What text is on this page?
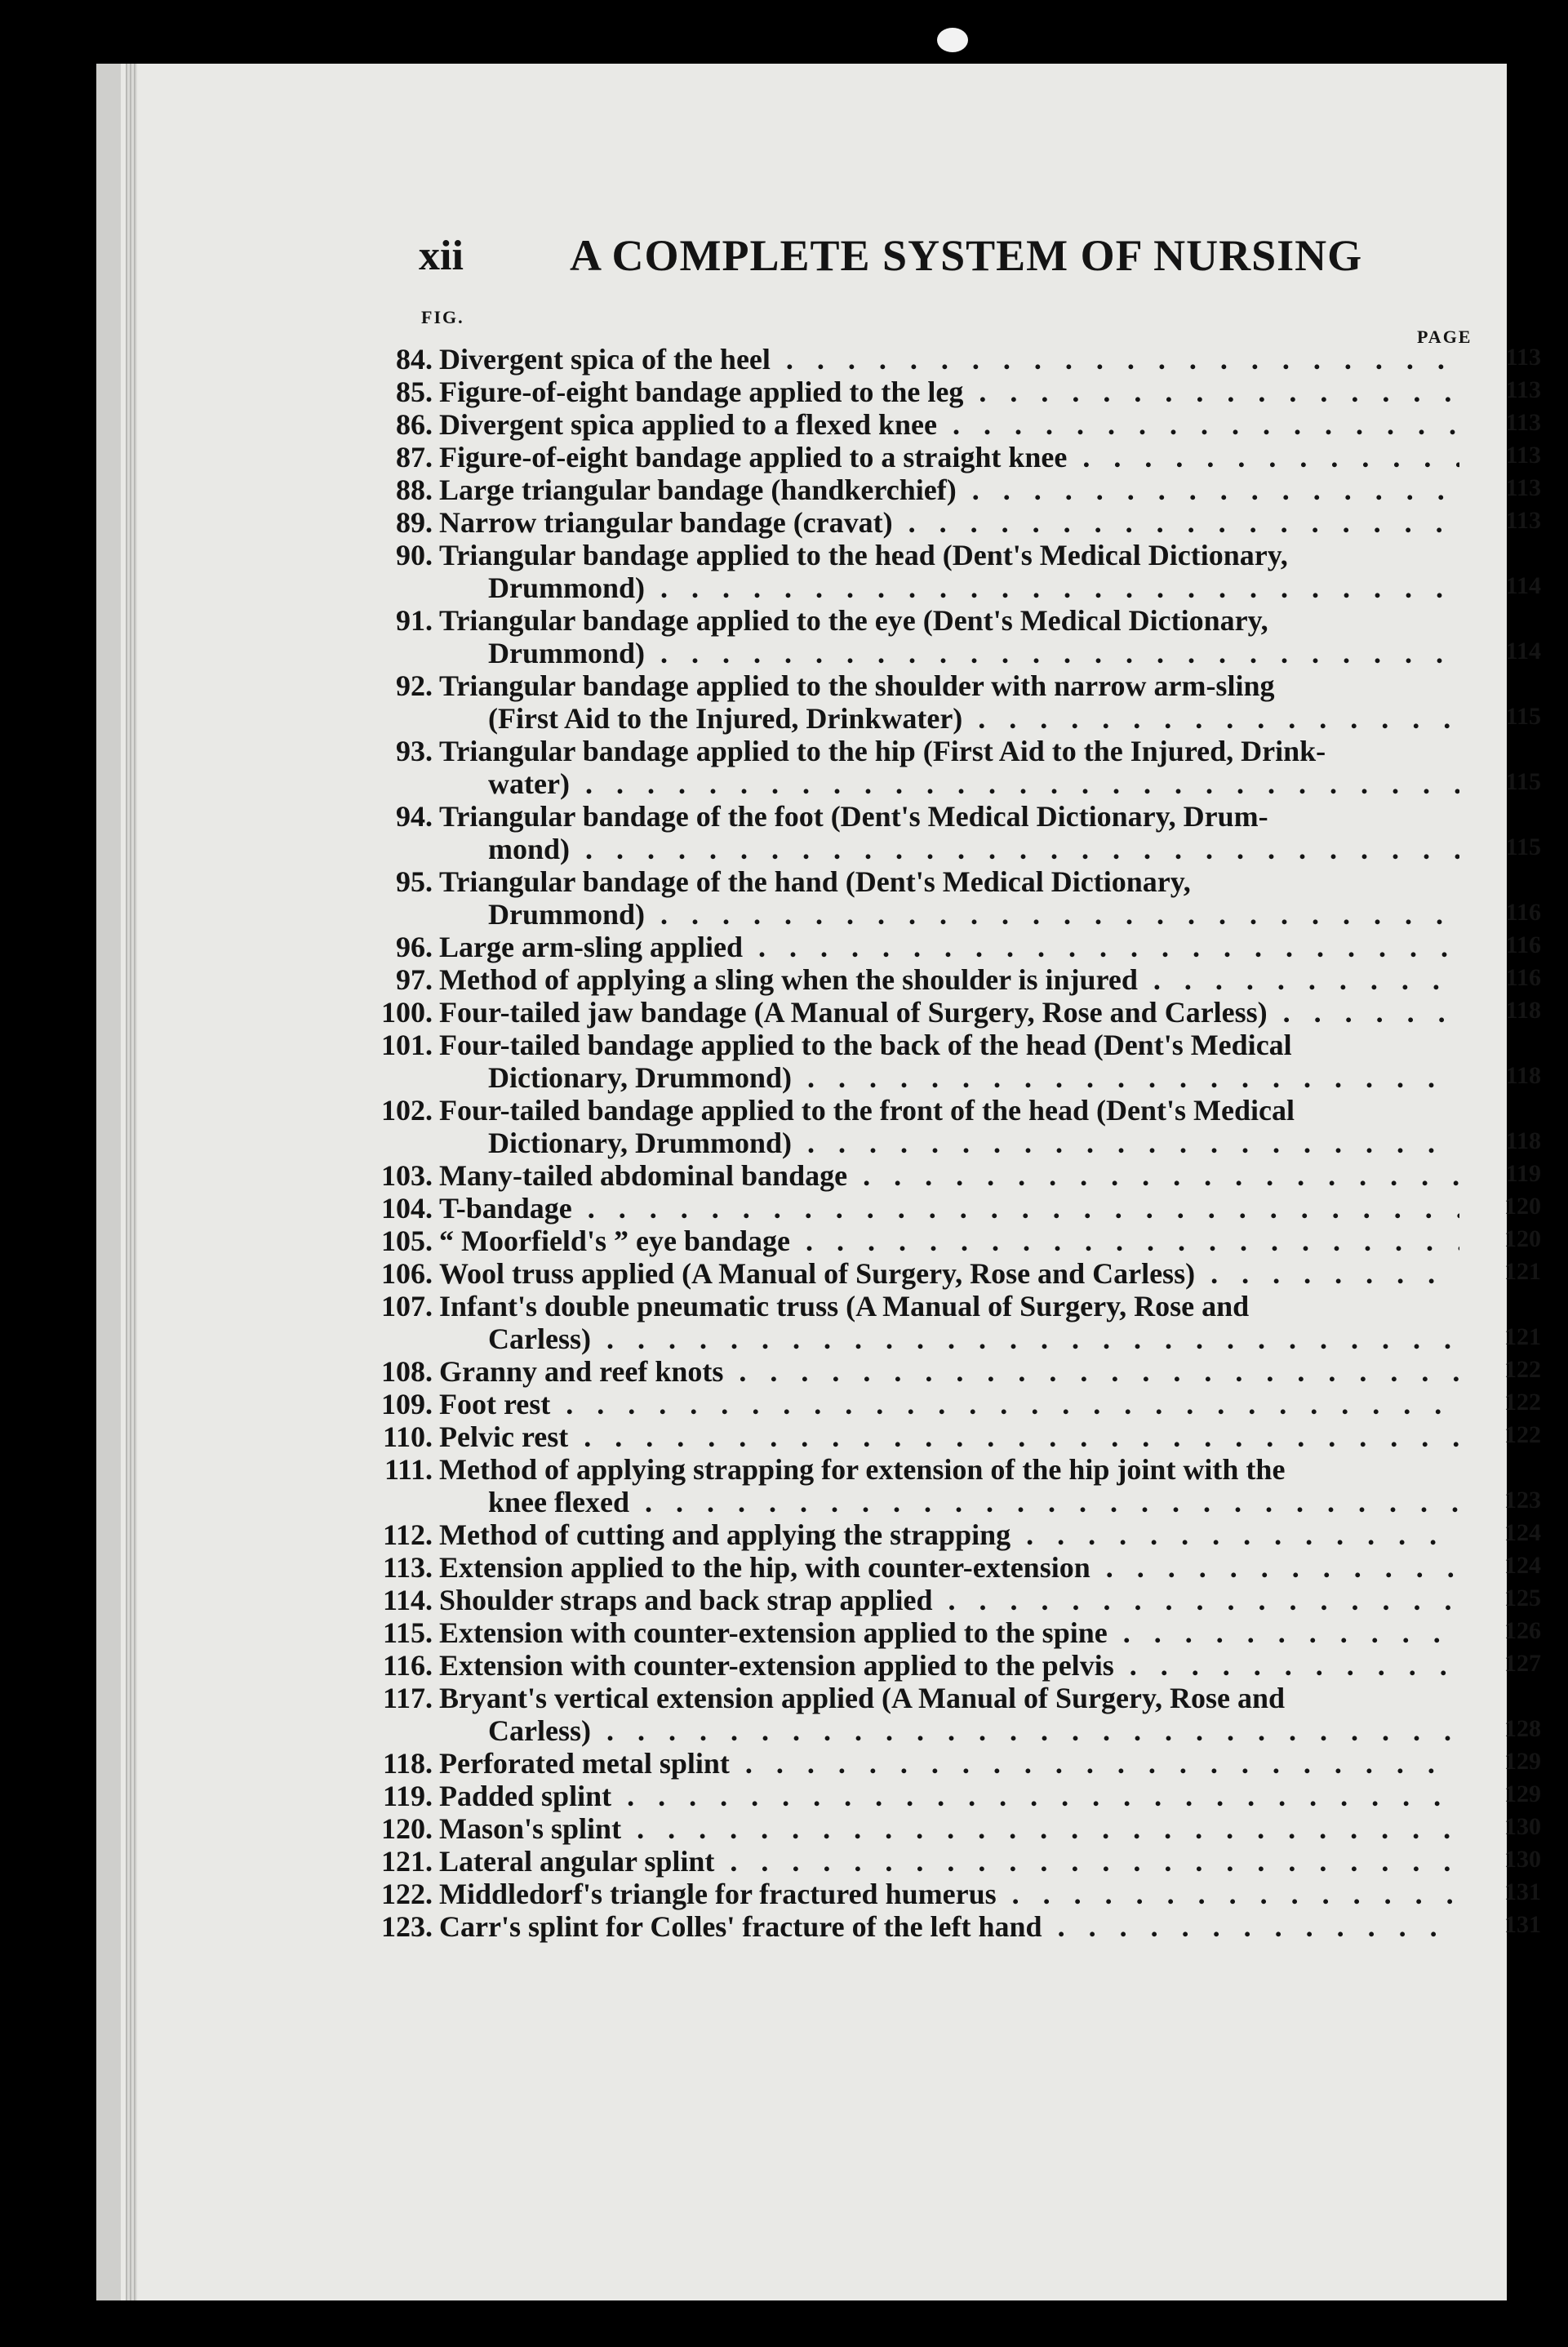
xii A COMPLETE SYSTEM OF NURSING
FIG.
PAGE
84. Divergent spica of the heel . . .	113
85. Figure-of-eight bandage applied to the leg . . .	113
86. Divergent spica applied to a flexed knee . . .	113
87. Figure-of-eight bandage applied to a straight knee . . .	113
88. Large triangular bandage (handkerchief) . . .	113
89. Narrow triangular bandage (cravat) . . .	113
90. Triangular bandage applied to the head (Dent's Medical Dictionary,
Drummond) . . .	114
91. Triangular bandage applied to the eye (Dent's Medical Dictionary,
Drummond) . . .	114
92. Triangular bandage applied to the shoulder with narrow arm-sling
(First Aid to the Injured, Drinkwater) . . .	115
93. Triangular bandage applied to the hip (First Aid to the Injured, Drink-
water) . . .	115
94. Triangular bandage of the foot (Dent's Medical Dictionary, Drum-
mond) . . .	115
95. Triangular bandage of the hand (Dent's Medical Dictionary,
Drummond) . . .	116
96. Large arm-sling applied . . .	116
97. Method of applying a sling when the shoulder is injured . . .	116
100. Four-tailed jaw bandage (A Manual of Surgery, Rose and Carless) . . .	118
101. Four-tailed bandage applied to the back of the head (Dent's Medical
Dictionary, Drummond) . . .	118
102. Four-tailed bandage applied to the front of the head (Dent's Medical
Dictionary, Drummond) . . .	118
103. Many-tailed abdominal bandage . . .	119
104. T-bandage . . .	120
105. “ Moorfield's ” eye bandage . . .	120
106. Wool truss applied (A Manual of Surgery, Rose and Carless) . . .	121
107. Infant's double pneumatic truss (A Manual of Surgery, Rose and
Carless) . . .	121
108. Granny and reef knots . . .	122
109. Foot rest . . .	122
110. Pelvic rest . . .	122
111. Method of applying strapping for extension of the hip joint with the
knee flexed . . .	123
112. Method of cutting and applying the strapping . . .	124
113. Extension applied to the hip, with counter-extension . . .	124
114. Shoulder straps and back strap applied . . .	125
115. Extension with counter-extension applied to the spine . . .	126
116. Extension with counter-extension applied to the pelvis . . .	127
117. Bryant's vertical extension applied (A Manual of Surgery, Rose and
Carless) . . .	128
118. Perforated metal splint . . .	129
119. Padded splint . . .	129
120. Mason's splint . . .	130
121. Lateral angular splint . . .	130
122. Middledorf's triangle for fractured humerus . . .	131
123. Carr's splint for Colles' fracture of the left hand . . .	131
